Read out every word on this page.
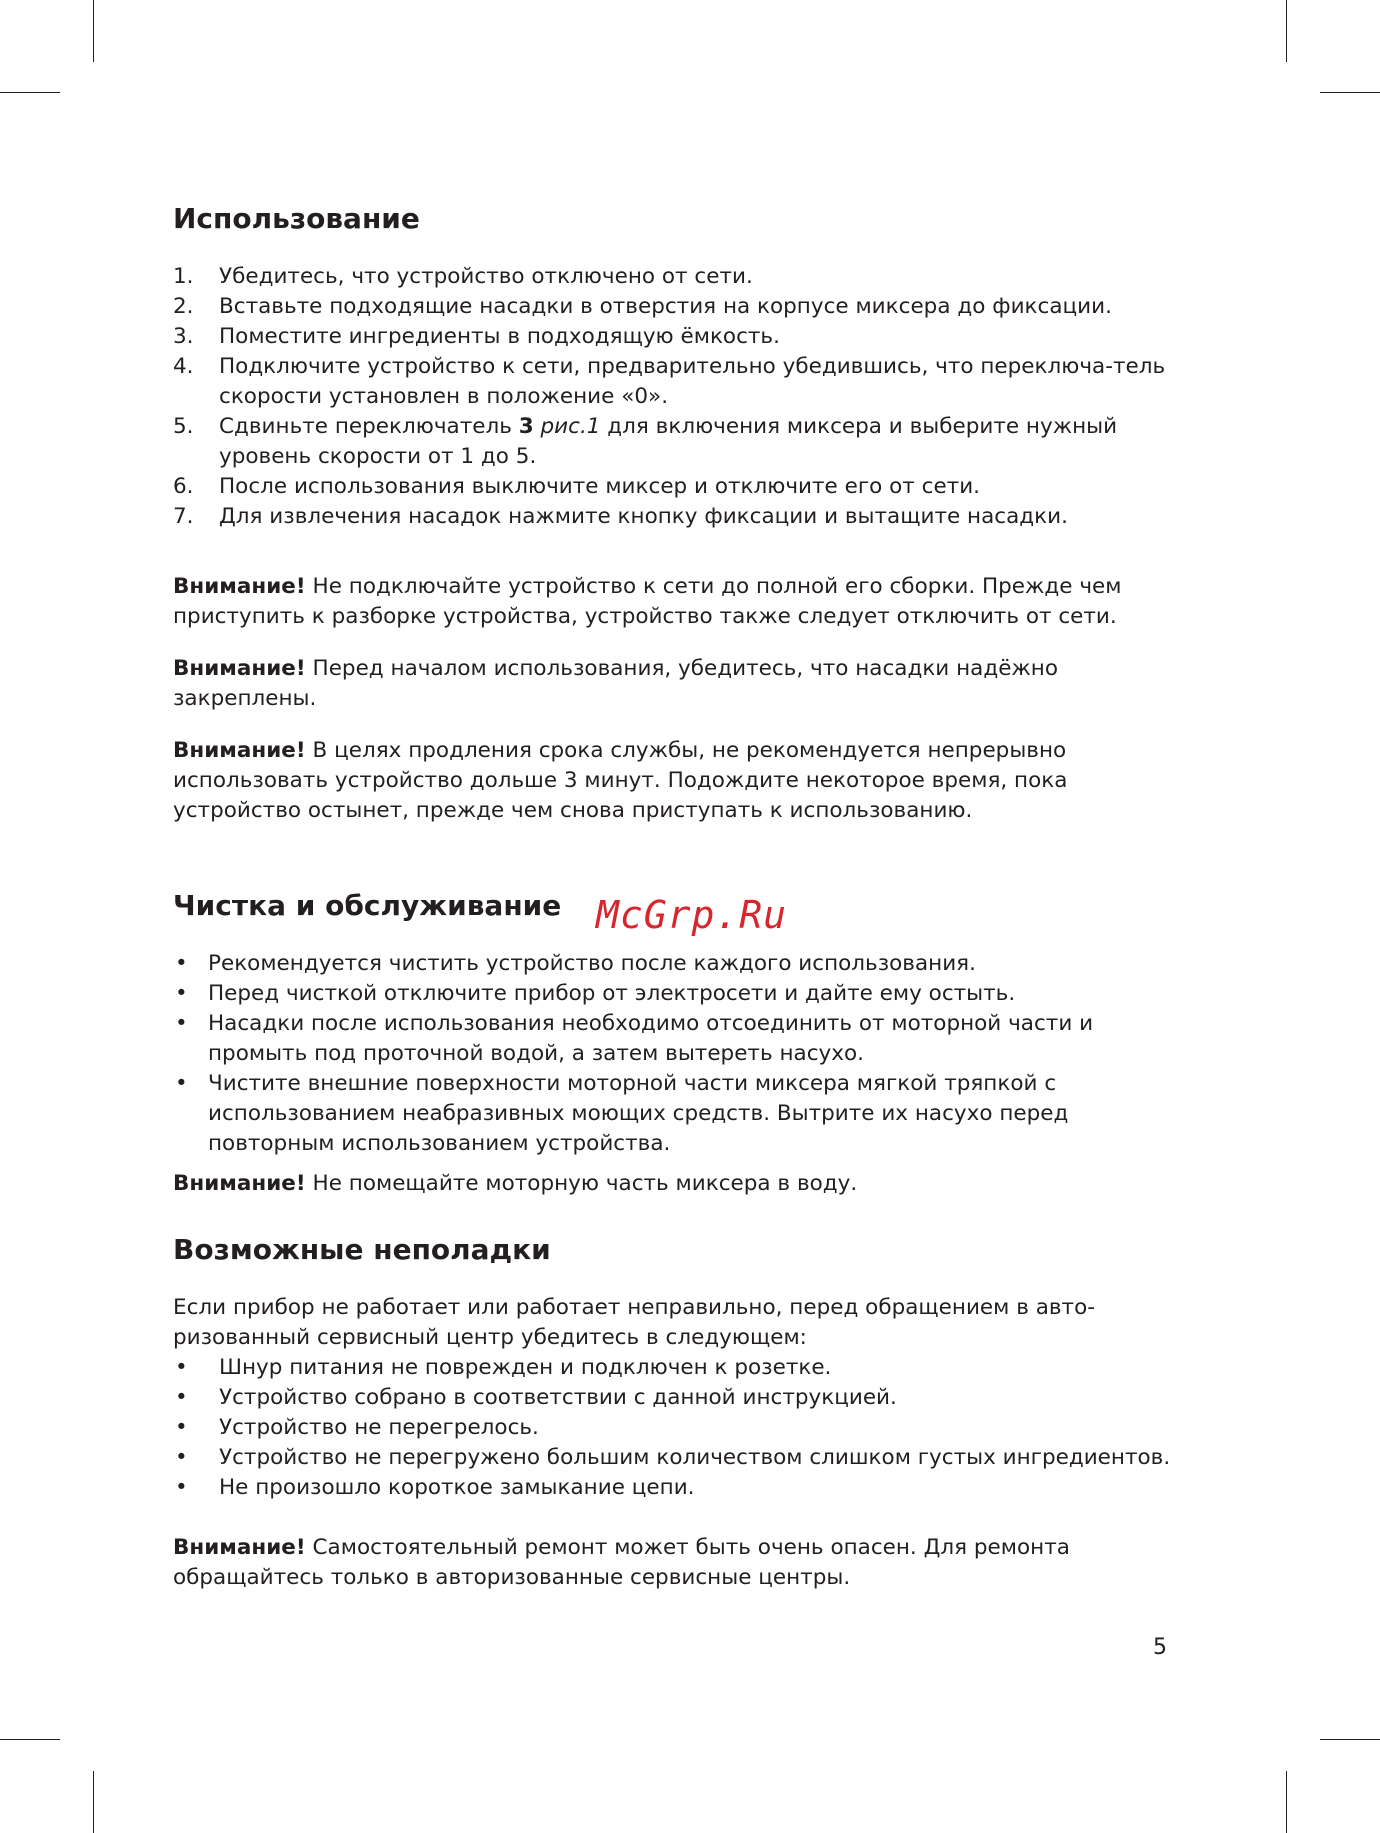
Использование
1. Убедитесь, что устройство отключено от сети.
2. Вставьте подходящие насадки в отверстия на корпусе миксера до фиксации.
3. Поместите ингредиенты в подходящую ёмкость.
4. Подключите устройство к сети, предварительно убедившись, что переключа-тель скорости установлен в положение «0».
5. Сдвиньте переключатель 3 рис.1 для включения миксера и выберите нужный уровень скорости от 1 до 5.
6. После использования выключите миксер и отключите его от сети.
7. Для извлечения насадок нажмите кнопку фиксации и вытащите насадки.

Внимание! Не подключайте устройство к сети до полной его сборки. Прежде чем приступить к разборке устройства, устройство также следует отключить от сети.

Внимание! Перед началом использования, убедитесь, что насадки надёжно закреплены.

Внимание! В целях продления срока службы, не рекомендуется непрерывно использовать устройство дольше 3 минут. Подождите некоторое время, пока устройство остынет, прежде чем снова приступать к использованию.

Чистка и обслуживание
• Рекомендуется чистить устройство после каждого использования.
• Перед чисткой отключите прибор от электросети и дайте ему остыть.
• Насадки после использования необходимо отсоединить от моторной части и промыть под проточной водой, а затем вытереть насухо.
• Чистите внешние поверхности моторной части миксера мягкой тряпкой с использованием неабразивных моющих средств. Вытрите их насухо перед повторным использованием устройства.

Внимание! Не помещайте моторную часть миксера в воду.

Возможные неполадки

Если прибор не работает или работает неправильно, перед обращением в авто-ризованный сервисный центр убедитесь в следующем:

• Шнур питания не поврежден и подключен к розетке.
• Устройство собрано в соответствии с данной инструкцией.
• Устройство не перегрелось.
• Устройство не перегружено большим количеством слишком густых ингредиентов.
• Не произошло короткое замыкание цепи.

Внимание! Самостоятельный ремонт может быть очень опасен. Для ремонта обращайтесь только в авторизованные сервисные центры.

McGrp.Ru
5
